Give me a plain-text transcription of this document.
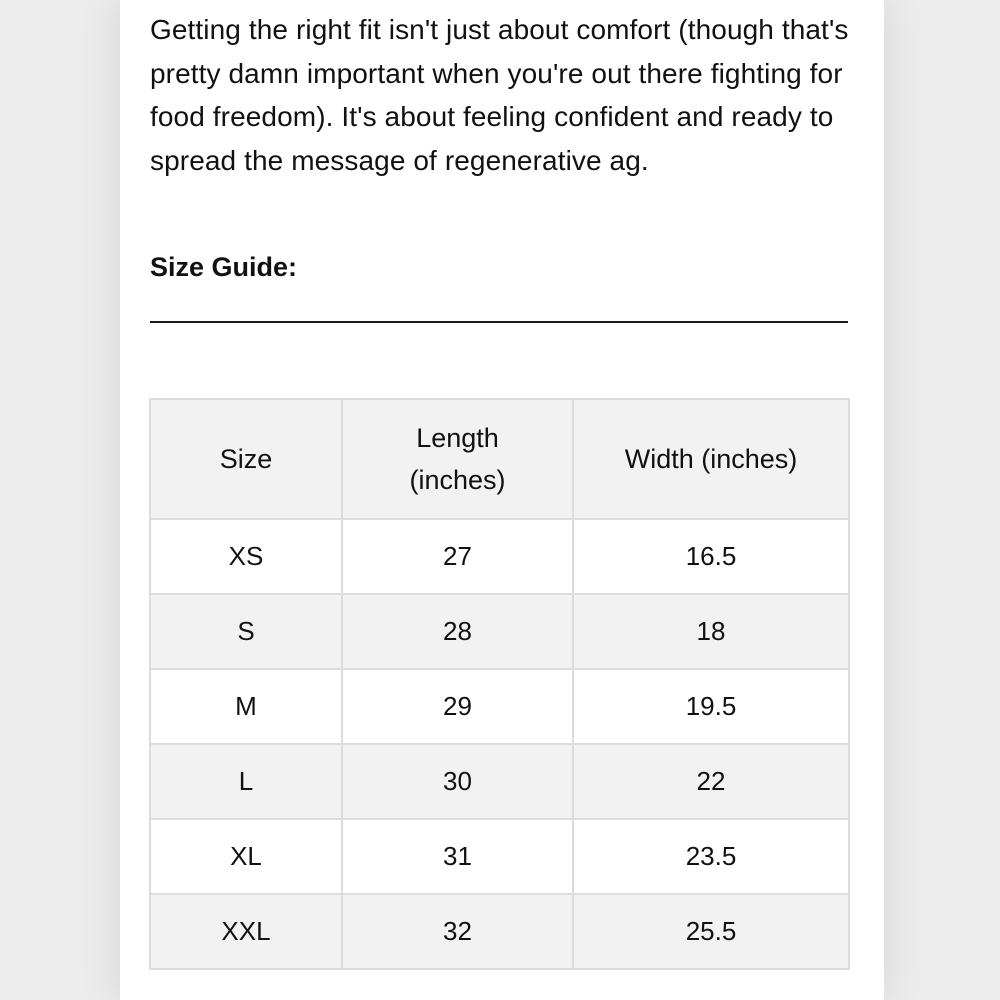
Getting the right fit isn't just about comfort (though that's pretty damn important when you're out there fighting for food freedom). It's about feeling confident and ready to spread the message of regenerative ag.

Size Guide:
Size	Length (inches)	Width (inches)
XS	27	16.5
S	28	18
M	29	19.5
L	30	22
XL	31	23.5
XXL	32	25.5
